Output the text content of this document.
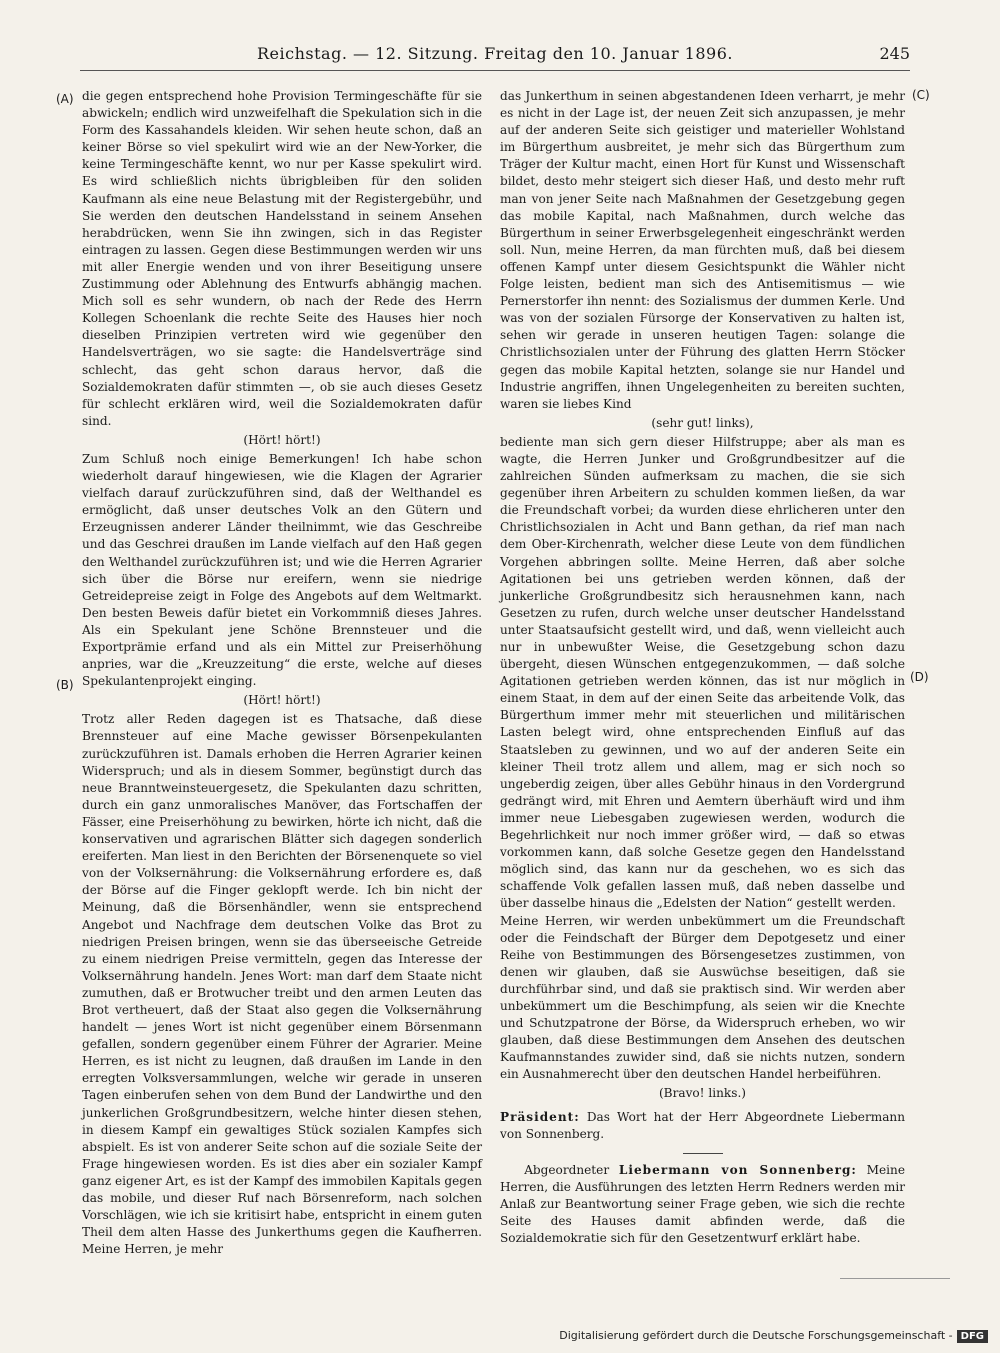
Reichstag. — 12. Sitzung. Freitag den 10. Januar 1896.	245
(A)
(B)
(C)
(D)

die gegen entsprechend hohe Provision Termingeschäfte für sie abwickeln; endlich wird unzweifelhaft die Spekulation sich in die Form des Kassahandels kleiden. Wir sehen heute schon, daß an keiner Börse so viel spekulirt wird wie an der New-Yorker, die keine Termingeschäfte kennt, wo nur per Kasse spekulirt wird. Es wird schließlich nichts übrigbleiben für den soliden Kaufmann als eine neue Belastung mit der Registergebühr, und Sie werden den deutschen Handelsstand in seinem Ansehen herabdrücken, wenn Sie ihn zwingen, sich in das Register eintragen zu lassen. Gegen diese Bestimmungen werden wir uns mit aller Energie wenden und von ihrer Beseitigung unsere Zustimmung oder Ablehnung des Entwurfs abhängig machen. Mich soll es sehr wundern, ob nach der Rede des Herrn Kollegen Schoenlank die rechte Seite des Hauses hier noch dieselben Prinzipien vertreten wird wie gegenüber den Handelsverträgen, wo sie sagte: die Handelsverträge sind schlecht, das geht schon daraus hervor, daß die Sozialdemokraten dafür stimmten —, ob sie auch dieses Gesetz für schlecht erklären wird, weil die Sozialdemokraten dafür sind.

(Hört! hört!)

Zum Schluß noch einige Bemerkungen! Ich habe schon wiederholt darauf hingewiesen, wie die Klagen der Agrarier vielfach darauf zurückzuführen sind, daß der Welthandel es ermöglicht, daß unser deutsches Volk an den Gütern und Erzeugnissen anderer Länder theilnimmt, wie das Geschreibe und das Geschrei draußen im Lande vielfach auf den Haß gegen den Welthandel zurückzuführen ist; und wie die Herren Agrarier sich über die Börse nur ereifern, wenn sie niedrige Getreidepreise zeigt in Folge des Angebots auf dem Weltmarkt. Den besten Beweis dafür bietet ein Vorkommniß dieses Jahres. Als ein Spekulant jene Schöne Brennsteuer und die Exportprämie erfand und als ein Mittel zur Preiserhöhung anpries, war die „Kreuzzeitung“ die erste, welche auf dieses Spekulantenprojekt einging.

(Hört! hört!)

Trotz aller Reden dagegen ist es Thatsache, daß diese Brennsteuer auf eine Mache gewisser Börsenpekulanten zurückzuführen ist. Damals erhoben die Herren Agrarier keinen Widerspruch; und als in diesem Sommer, begünstigt durch das neue Branntweinsteuergesetz, die Spekulanten dazu schritten, durch ein ganz unmoralisches Manöver, das Fortschaffen der Fässer, eine Preiserhöhung zu bewirken, hörte ich nicht, daß die konservativen und agrarischen Blätter sich dagegen sonderlich ereiferten. Man liest in den Berichten der Börsenenquete so viel von der Volksernährung: die Volksernährung erfordere es, daß der Börse auf die Finger geklopft werde. Ich bin nicht der Meinung, daß die Börsenhändler, wenn sie entsprechend Angebot und Nachfrage dem deutschen Volke das Brot zu niedrigen Preisen bringen, wenn sie das überseeische Getreide zu einem niedrigen Preise vermitteln, gegen das Interesse der Volksernährung handeln. Jenes Wort: man darf dem Staate nicht zumuthen, daß er Brotwucher treibt und den armen Leuten das Brot vertheuert, daß der Staat also gegen die Volksernährung handelt — jenes Wort ist nicht gegenüber einem Börsenmann gefallen, sondern gegenüber einem Führer der Agrarier. Meine Herren, es ist nicht zu leugnen, daß draußen im Lande in den erregten Volksversammlungen, welche wir gerade in unseren Tagen einberufen sehen von dem Bund der Landwirthe und den junkerlichen Großgrundbesitzern, welche hinter diesen stehen, in diesem Kampf ein gewaltiges Stück sozialen Kampfes sich abspielt. Es ist von anderer Seite schon auf die soziale Seite der Frage hingewiesen worden. Es ist dies aber ein sozialer Kampf ganz eigener Art, es ist der Kampf des immobilen Kapitals gegen das mobile, und dieser Ruf nach Börsenreform, nach solchen Vorschlägen, wie ich sie kritisirt habe, entspricht in einem guten Theil dem alten Hasse des Junkerthums gegen die Kaufherren. Meine Herren, je mehr

das Junkerthum in seinen abgestandenen Ideen verharrt, je mehr es nicht in der Lage ist, der neuen Zeit sich anzupassen, je mehr auf der anderen Seite sich geistiger und materieller Wohlstand im Bürgerthum ausbreitet, je mehr sich das Bürgerthum zum Träger der Kultur macht, einen Hort für Kunst und Wissenschaft bildet, desto mehr steigert sich dieser Haß, und desto mehr ruft man von jener Seite nach Maßnahmen der Gesetzgebung gegen das mobile Kapital, nach Maßnahmen, durch welche das Bürgerthum in seiner Erwerbsgelegenheit eingeschränkt werden soll. Nun, meine Herren, da man fürchten muß, daß bei diesem offenen Kampf unter diesem Gesichtspunkt die Wähler nicht Folge leisten, bedient man sich des Antisemitismus — wie Pernerstorfer ihn nennt: des Sozialismus der dummen Kerle. Und was von der sozialen Fürsorge der Konservativen zu halten ist, sehen wir gerade in unseren heutigen Tagen: solange die Christlichsozialen unter der Führung des glatten Herrn Stöcker gegen das mobile Kapital hetzten, solange sie nur Handel und Industrie angriffen, ihnen Ungelegenheiten zu bereiten suchten, waren sie liebes Kind

(sehr gut! links),

bediente man sich gern dieser Hilfstruppe; aber als man es wagte, die Herren Junker und Großgrundbesitzer auf die zahlreichen Sünden aufmerksam zu machen, die sie sich gegenüber ihren Arbeitern zu schulden kommen ließen, da war die Freundschaft vorbei; da wurden diese ehrlicheren unter den Christlichsozialen in Acht und Bann gethan, da rief man nach dem Ober-Kirchenrath, welcher diese Leute von dem fündlichen Vorgehen abbringen sollte. Meine Herren, daß aber solche Agitationen bei uns getrieben werden können, daß der junkerliche Großgrundbesitz sich herausnehmen kann, nach Gesetzen zu rufen, durch welche unser deutscher Handelsstand unter Staatsaufsicht gestellt wird, und daß, wenn vielleicht auch nur in unbewußter Weise, die Gesetzgebung schon dazu übergeht, diesen Wünschen entgegenzukommen, — daß solche Agitationen getrieben werden können, das ist nur möglich in einem Staat, in dem auf der einen Seite das arbeitende Volk, das Bürgerthum immer mehr mit steuerlichen und militärischen Lasten belegt wird, ohne entsprechenden Einfluß auf das Staatsleben zu gewinnen, und wo auf der anderen Seite ein kleiner Theil trotz allem und allem, mag er sich noch so ungeberdig zeigen, über alles Gebühr hinaus in den Vordergrund gedrängt wird, mit Ehren und Aemtern überhäuft wird und ihm immer neue Liebesgaben zugewiesen werden, wodurch die Begehrlichkeit nur noch immer größer wird, — daß so etwas vorkommen kann, daß solche Gesetze gegen den Handelsstand möglich sind, das kann nur da geschehen, wo es sich das schaffende Volk gefallen lassen muß, daß neben dasselbe und über dasselbe hinaus die „Edelsten der Nation“ gestellt werden.

Meine Herren, wir werden unbekümmert um die Freundschaft oder die Feindschaft der Bürger dem Depotgesetz und einer Reihe von Bestimmungen des Börsengesetzes zustimmen, von denen wir glauben, daß sie Auswüchse beseitigen, daß sie durchführbar sind, und daß sie praktisch sind. Wir werden aber unbekümmert um die Beschimpfung, als seien wir die Knechte und Schutzpatrone der Börse, da Widerspruch erheben, wo wir glauben, daß diese Bestimmungen dem Ansehen des deutschen Kaufmannstandes zuwider sind, daß sie nichts nutzen, sondern ein Ausnahmerecht über den deutschen Handel herbeiführen.

(Bravo! links.)

Präsident: Das Wort hat der Herr Abgeordnete Liebermann von Sonnenberg.

Abgeordneter Liebermann von Sonnenberg: Meine Herren, die Ausführungen des letzten Herrn Redners werden mir Anlaß zur Beantwortung seiner Frage geben, wie sich die rechte Seite des Hauses damit abfinden werde, daß die Sozialdemokratie sich für den Gesetzentwurf erklärt habe.

Digitalisierung gefördert durch die Deutsche Forschungsgemeinschaft - DFG
